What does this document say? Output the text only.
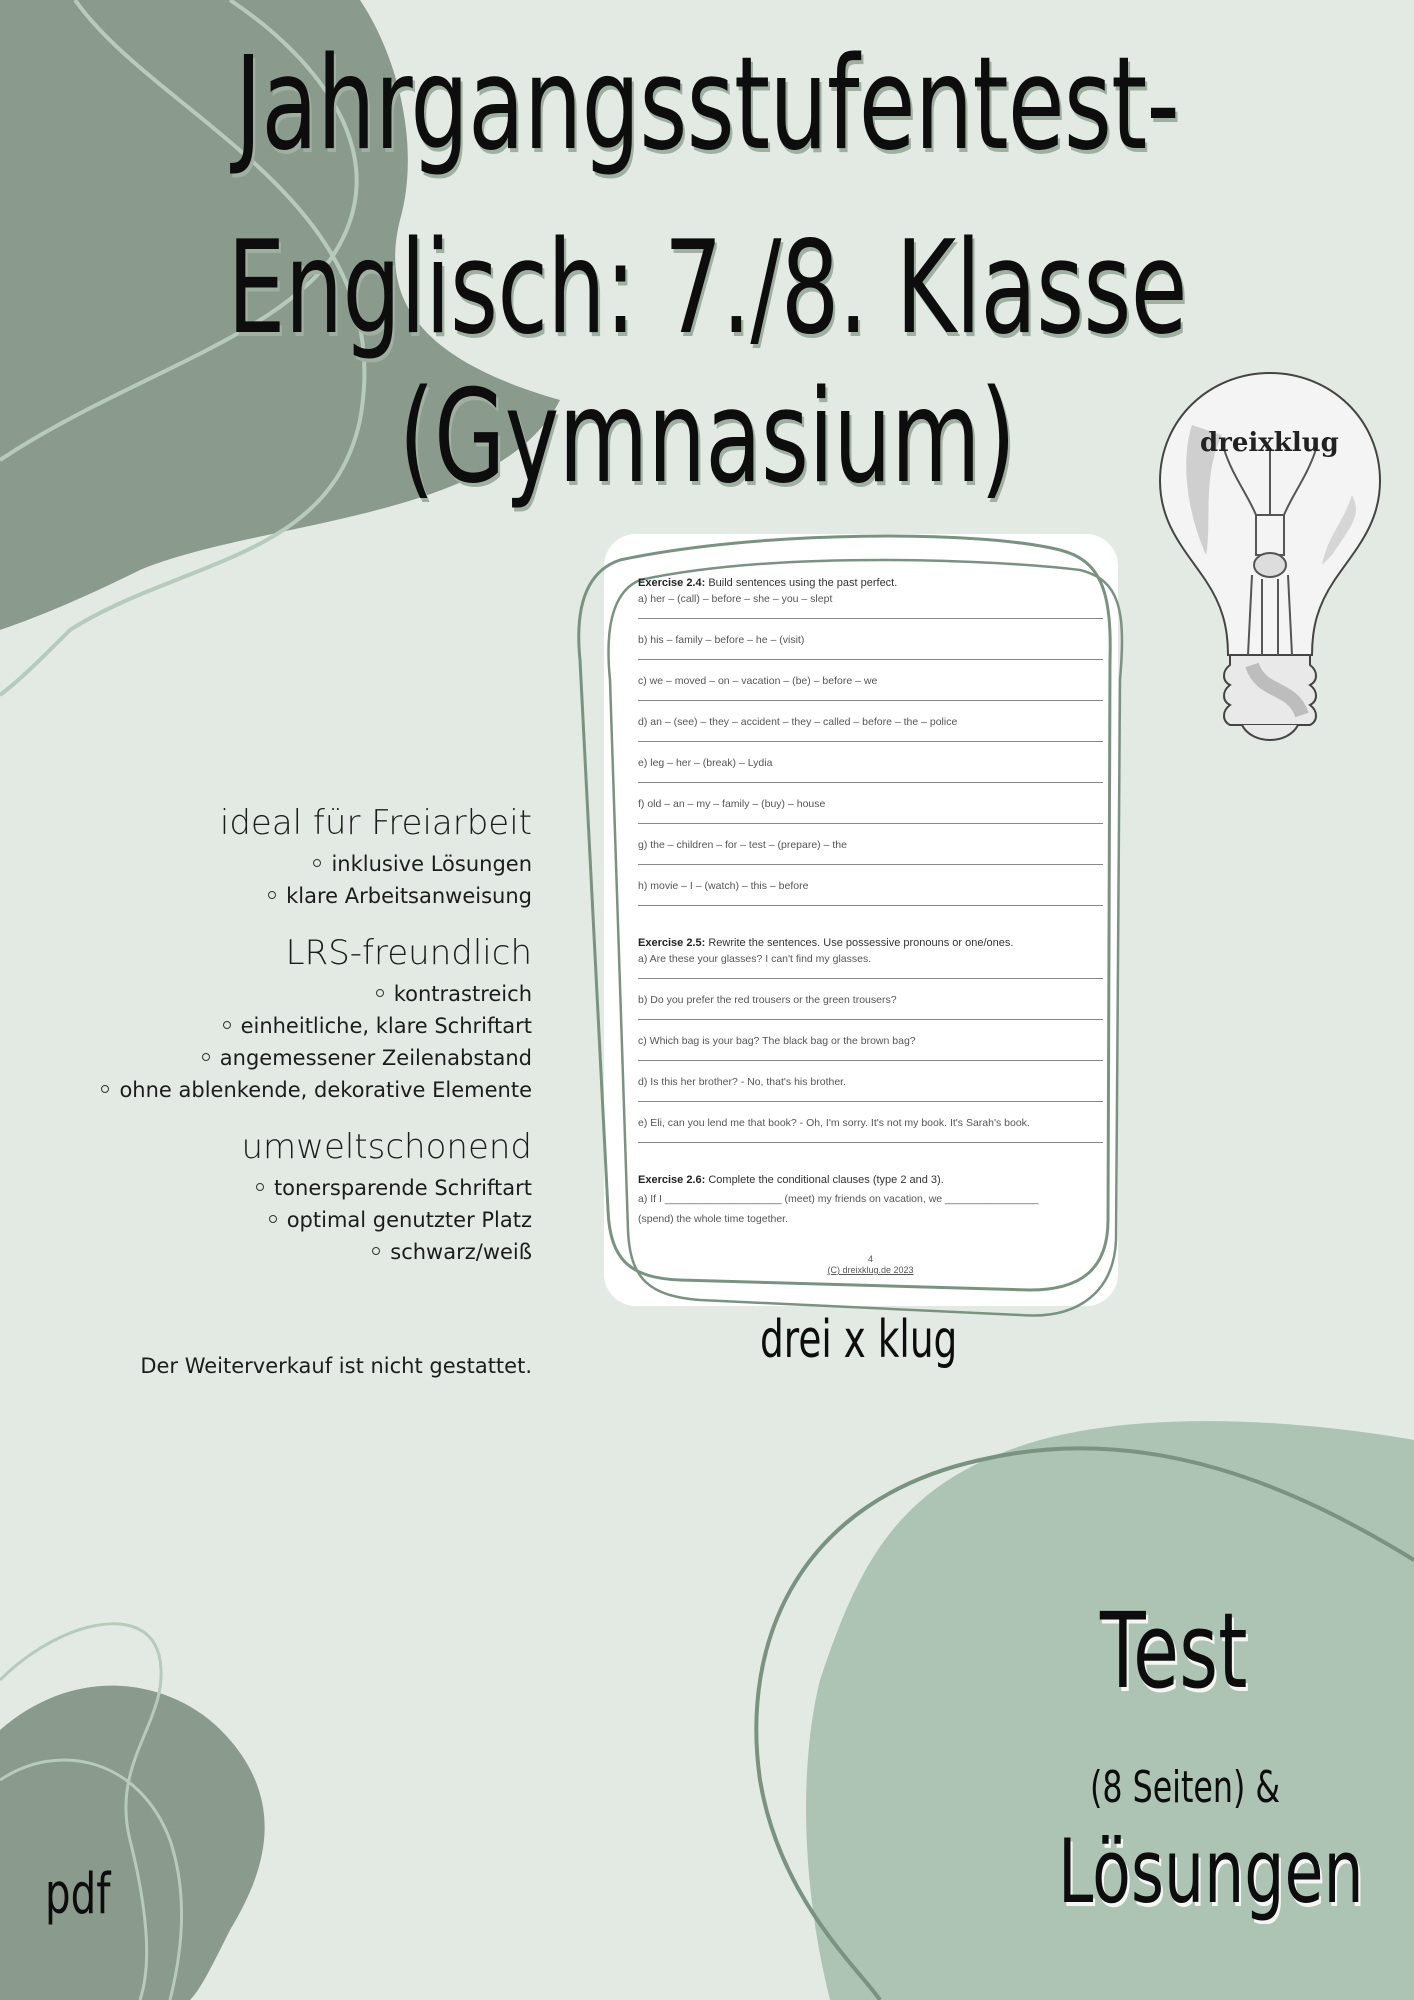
Jahrgangsstufentest-
Englisch: 7./8. Klasse (Gymnasium)	dreixklug
ideal für Freiarbeit
inklusive Lösungen
klare Arbeitsanweisung
LRS-freundlich
kontrastreich
einheitliche, klare Schriftart
angemessener Zeilenabstand
ohne ablenkende, dekorative Elemente
umweltschonend
tonersparende Schriftart
optimal genutzter Platz
schwarz/weiß
Der Weiterverkauf ist nicht gestattet.

Exercise 2.4: Build sentences using the past perfect.

a) her – (call) – before – she – you – slept
b) his – family – before – he – (visit)
c) we – moved – on – vacation – (be) – before – we
d) an – (see) – they – accident – they – called – before – the – police
e) leg – her – (break) – Lydia
f) old – an – my – family – (buy) – house
g) the – children – for – test – (prepare) – the
h) movie – I – (watch) – this – before

Exercise 2.5: Rewrite the sentences. Use possessive pronouns or one/ones.

a) Are these your glasses? I can't find my glasses.
b) Do you prefer the red trousers or the green trousers?
c) Which bag is your bag? The black bag or the brown bag?
d) Is this her brother? - No, that's his brother.
e) Eli, can you lend me that book? - Oh, I'm sorry. It's not my book. It's Sarah's book.

Exercise 2.6: Complete the conditional clauses (type 2 and 3).

a) If I ____________________ (meet) my friends on vacation, we ________________
(spend) the whole time together.
4
(C) dreixklug.de 2023
drei x klug
Test
(8 Seiten) &
Lösungen
pdf
